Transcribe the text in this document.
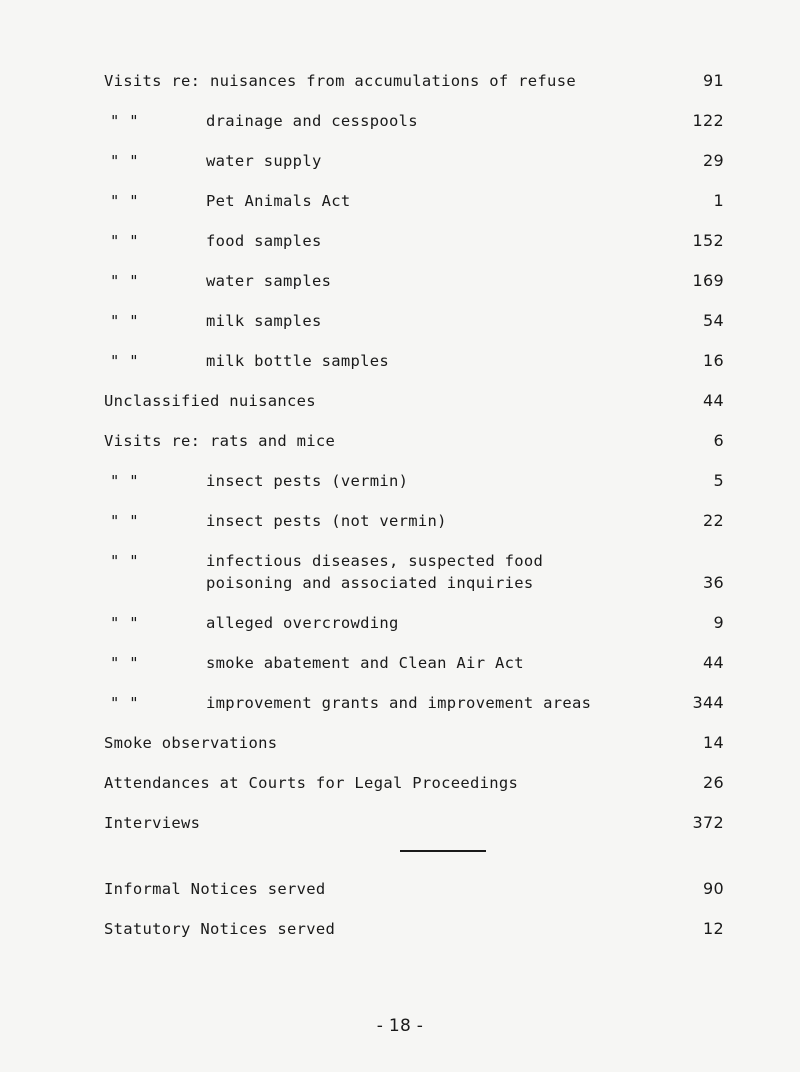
Visits re: nuisances from accumulations of refuse	91
" "	drainage and cesspools	122
" "	water supply	29
" "	Pet Animals Act	1
" "	food samples	152
" "	water samples	169
" "	milk samples	54
" "	milk bottle samples	16
Unclassified nuisances	44
Visits re: rats and mice	6
" "	insect pests (vermin)	5
" "	insect pests (not vermin)	22
" "	infectious diseases, suspected food
poisoning and associated inquiries	36
" "	alleged overcrowding	9
" "	smoke abatement and Clean Air Act	44
" "	improvement grants and improvement areas	344
Smoke observations	14
Attendances at Courts for Legal Proceedings	26
Interviews	372
Informal Notices served	90
Statutory Notices served	12
- 18 -
